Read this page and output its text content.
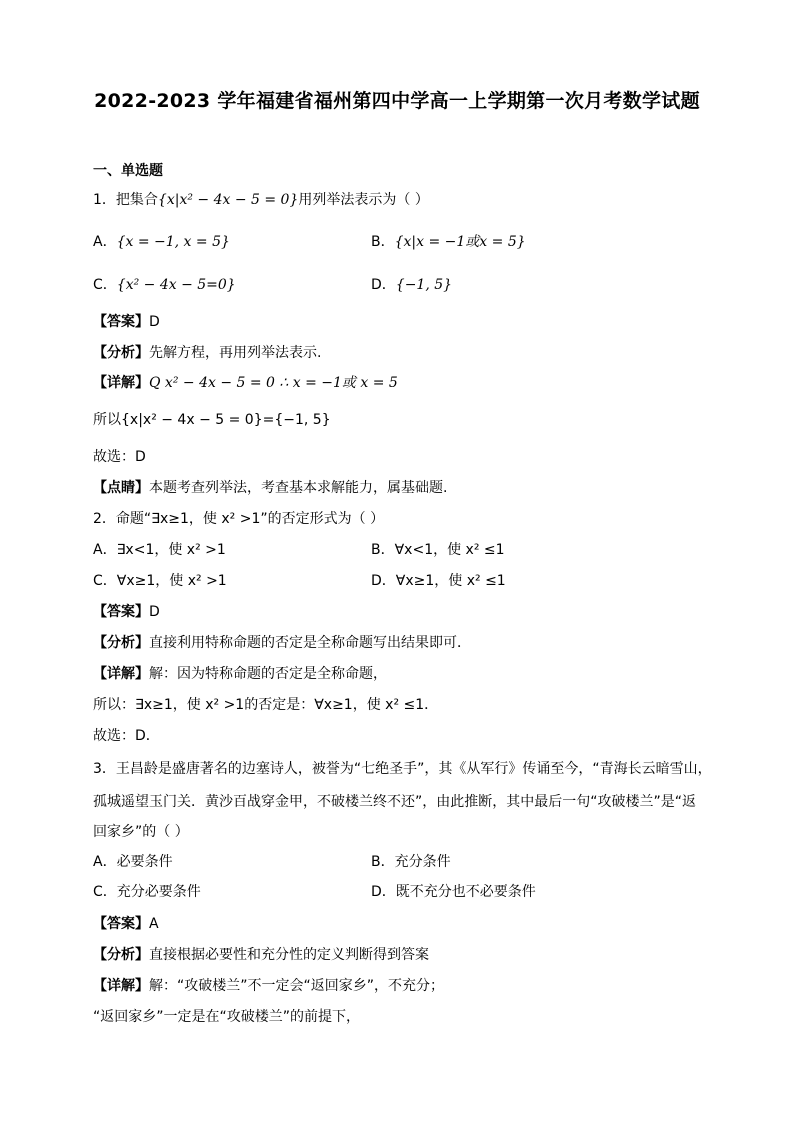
2022-2023 学年福建省福州第四中学高一上学期第一次月考数学试题
一、单选题
1．把集合{x|x² − 4x − 5 = 0}用列举法表示为（ ）
A．{x = −1, x = 5}	B．{x|x = −1或x = 5}
C．{x² − 4x − 5=0}	D．{−1, 5}
【答案】D
【分析】先解方程，再用列举法表示.
【详解】Q x² − 4x − 5 = 0 ∴ x = −1或 x = 5
所以{x|x² − 4x − 5 = 0}={−1, 5}
故选：D
【点睛】本题考查列举法，考查基本求解能力，属基础题.
2．命题“∃x≥1，使 x² >1”的否定形式为（ ）
A．∃x<1，使 x² >1	B．∀x<1，使 x² ≤1
C．∀x≥1，使 x² >1	D．∀x≥1，使 x² ≤1
【答案】D
【分析】直接利用特称命题的否定是全称命题写出结果即可．
【详解】解：因为特称命题的否定是全称命题，
所以：∃x≥1，使 x² >1的否定是：∀x≥1，使 x² ≤1．
故选：D．
3．王昌龄是盛唐著名的边塞诗人，被誉为“七绝圣手”，其《从军行》传诵至今，“青海长云暗雪山，
孤城遥望玉门关．黄沙百战穿金甲，不破楼兰终不还”，由此推断，其中最后一句“攻破楼兰”是“返
回家乡”的（ ）
A．必要条件	B．充分条件
C．充分必要条件	D．既不充分也不必要条件
【答案】A
【分析】直接根据必要性和充分性的定义判断得到答案
【详解】解：“攻破楼兰”不一定会“返回家乡”，不充分；
“返回家乡”一定是在“攻破楼兰”的前提下，
